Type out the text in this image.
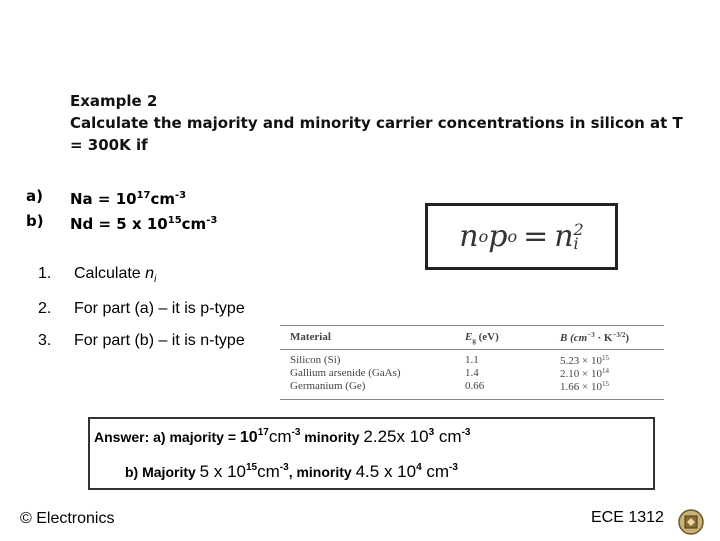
Example 2
Calculate the majority and minority carrier concentrations in silicon at T
= 300K if
a)	$Na = 10^{17}cm^{-3}$
b)	Nd = 5 x $10^{15}cm^{-3}$	n o p o = n 2
i
1. Calculate $n_i$
2. For part (a) – it is p-type
3. For part (b) – it is n-type	Material	$E_g$ (eV)	B $(cm^{-3} \cdot K^{-3/2})$
Silicon (Si)	1.1	$5.23 \times 10^{15}$
Gallium arsenide (GaAs)	1.4	$2.10 \times 10^{14}$
Germanium (Ge)	0.66	$1.66 \times 10^{15}$
Answer: a) majority = $10^{17}cm^{-3}$ minority 2.25x $10^3$ $cm^{-3}$
b) Majority 5 x $10^{15}cm^{-3}$, minority 4.5 x $10^4$ $cm^{-3}$
© Electronics	ECE 1312
